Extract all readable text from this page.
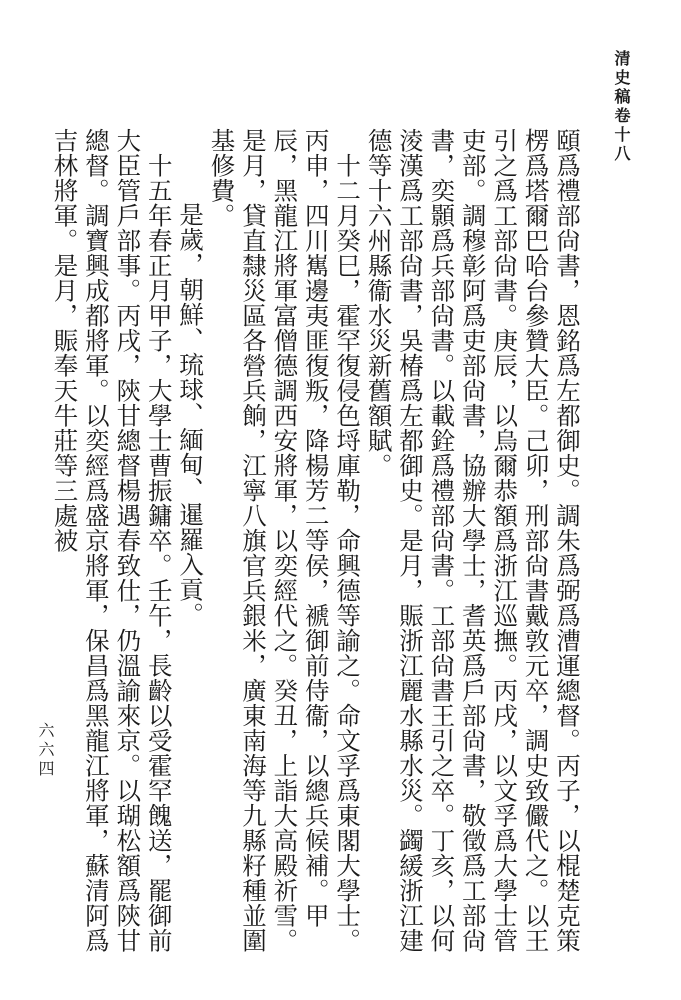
清史稿卷十八
六六四	頤爲禮部尙書，恩銘爲左都御史。調朱爲弼爲漕運總督。丙子，以棍楚克策楞爲塔爾巴哈台參贊大臣。己卯，刑部尙書戴敦元卒，調史致儼代之。以王引之爲工部尙書。庚辰，以烏爾恭額爲浙江巡撫。丙戌，以文孚爲大學士管吏部。調穆彰阿爲吏部尙書，協辦大學士，耆英爲戶部尙書，敬徵爲工部尙書，奕顥爲兵部尙書。以載銓爲禮部尙書。工部尙書王引之卒。丁亥，以何淩漢爲工部尙書，吳椿爲左都御史。是月，賑浙江麗水縣水災。蠲緩浙江建德等十六州縣衞水災新舊額賦。

十二月癸巳，霍罕復侵色埒庫勒，命興德等諭之。命文孚爲東閣大學士。丙申，四川嶲邊夷匪復叛，降楊芳二等侯，褫御前侍衞，以總兵候補。甲辰，黑龍江將軍富僧德調西安將軍，以奕經代之。癸丑，上詣大高殿祈雪。是月，貸直隸災區各營兵餉，江寧八旗官兵銀米，廣東南海等九縣籽種並圍基修費。

是歲，朝鮮、琉球、緬甸、暹羅入貢。

十五年春正月甲子，大學士曹振鏞卒。壬午，長齡以受霍罕餽送，罷御前大臣管戶部事。丙戌，陝甘總督楊遇春致仕，仍溫諭來京。以瑚松額爲陝甘總督。調寶興成都將軍。以奕經爲盛京將軍，保昌爲黑龍江將軍，蘇清阿爲吉林將軍。是月，賑奉天牛莊等三處被
